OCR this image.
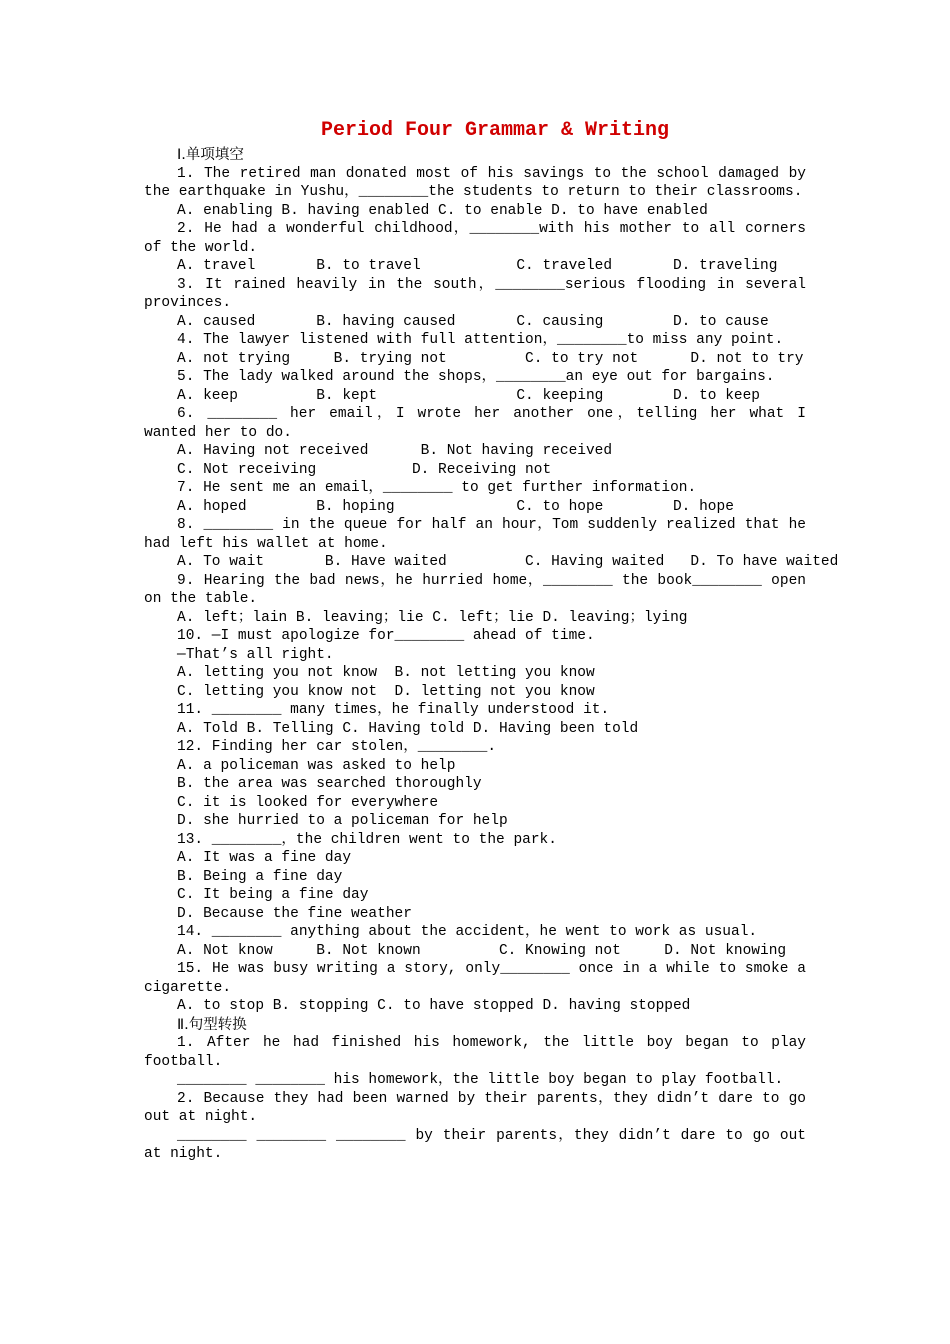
Period Four Grammar & Writing
Ⅰ.单项填空
1. The retired man donated most of his savings to the school damaged by the earthquake in Yushu，________the students to return to their classrooms.
A. enabling B. having enabled C. to enable D. to have enabled
2. He had a wonderful childhood，________with his mother to all corners of the world.
A. travel       B. to travel           C. traveled       D. traveling
3. It rained heavily in the south，________serious flooding in several provinces.
A. caused       B. having caused       C. causing        D. to cause
4. The lawyer listened with full attention，________to miss any point.
A. not trying     B. trying not         C. to try not      D. not to try
5. The lady walked around the shops，________an eye out for bargains.
A. keep         B. kept                C. keeping        D. to keep
6. ________ her email，I wrote her another one，telling her what I wanted her to do.
A. Having not received      B. Not having received
C. Not receiving           D. Receiving not
7. He sent me an email，________ to get further information.
A. hoped        B. hoping              C. to hope        D. hope
8. ________ in the queue for half an hour，Tom suddenly realized that he had left his wallet at home.
A. To wait       B. Have waited         C. Having waited   D. To have waited
9. Hearing the bad news，he hurried home，________ the book________ open on the table.
A. left；lain B. leaving；lie C. left；lie D. leaving；lying
10. —I must apologize for________ ahead of time.
—That’s all right.
A. letting you not know  B. not letting you know
C. letting you know not  D. letting not you know
11. ________ many times，he finally understood it.
A. Told B. Telling C. Having told D. Having been told
12. Finding her car stolen，________.
A. a policeman was asked to help
B. the area was searched thoroughly
C. it is looked for everywhere
D. she hurried to a policeman for help
13. ________，the children went to the park.
A. It was a fine day
B. Being a fine day
C. It being a fine day
D. Because the fine weather
14. ________ anything about the accident，he went to work as usual.
A. Not know     B. Not known         C. Knowing not     D. Not knowing
15. He was busy writing a story, only________ once in a while to smoke a cigarette.
A. to stop B. stopping C. to have stopped D. having stopped
Ⅱ.句型转换
1. After he had finished his homework, the little boy began to play football.
________ ________ his homework，the little boy began to play football.
2. Because they had been warned by their parents，they didn’t dare to go out at night.
________ ________ ________ by their parents，they didn’t dare to go out at night.
